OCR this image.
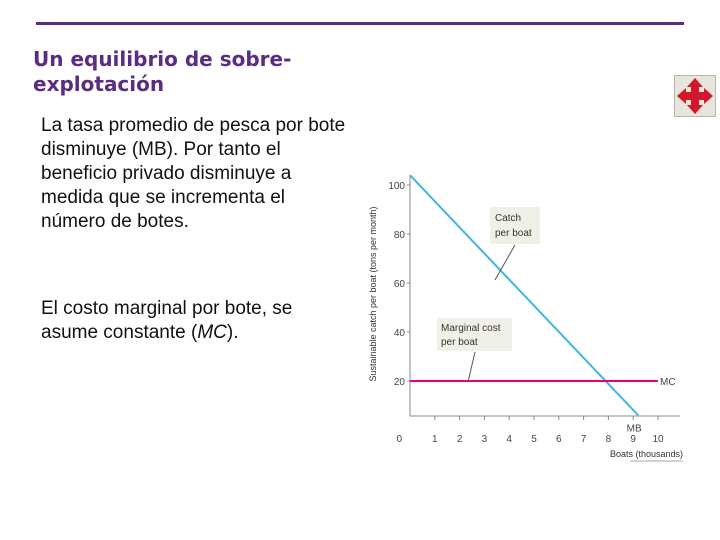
Un equilibrio de sobre-explotación

La tasa promedio de pesca por bote disminuye (MB). Por tanto el beneficio privado disminuye a medida que se incrementa el número de botes.

El costo marginal por bote, se asume constante (MC).

20
40
60
80
100
0	1 2 3 4 5 6 7 8 9 10
Sustainable catch per boat (tons per month)
Boats (thousands)
MB
MC
Catch
per boat
Marginal cost
per boat
